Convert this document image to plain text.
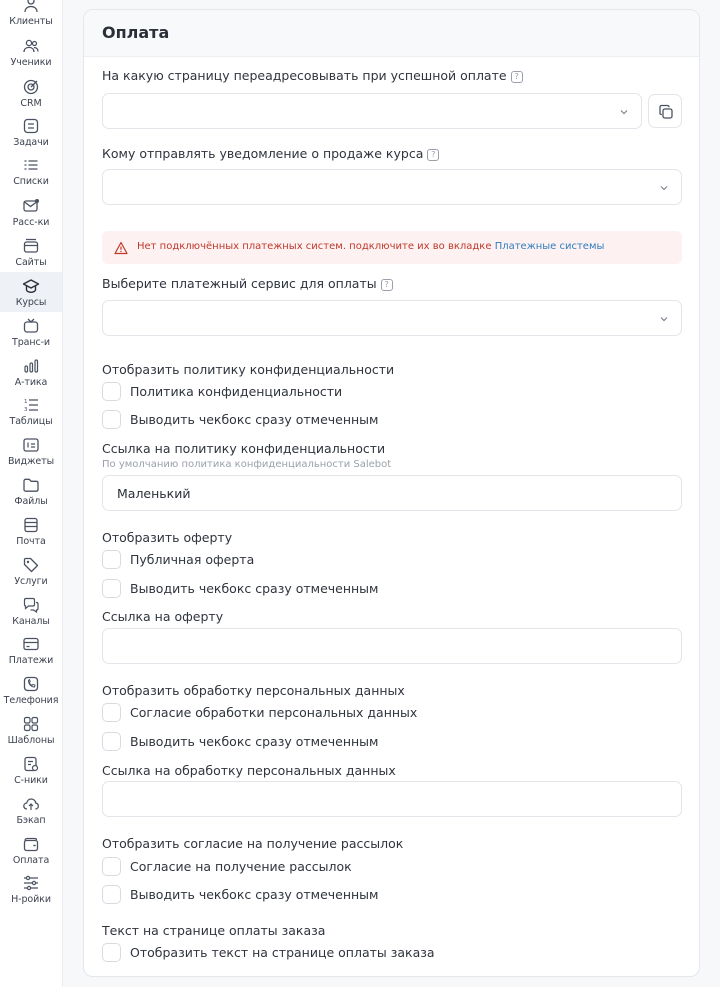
Клиенты
Ученики
CRM
Задачи
Списки
Расс-ки
Сайты
Курсы
Транс-и
А-тика
1
3
Таблицы
Виджеты
Файлы
Почта
Услуги
Каналы
Платежи
Телефония
Шаблоны
С-ники
Бэкап
Оплата
Н-ройки
Оплата
На какую страницу переадресовывать при успешной оплате ?
Кому отправлять уведомление о продаже курса ?
Нет подключённых платежных систем. подключите их во вкладке Платежные системы
Выберите платежный сервис для оплаты ?
Отобразить политику конфиденциальности
Политика конфиденциальности
Выводить чекбокс сразу отмеченным
Ссылка на политику конфиденциальности
По умолчанию политика конфиденциальности Salebot
Маленький
Отобразить оферту
Публичная оферта
Выводить чекбокс сразу отмеченным
Ссылка на оферту
Отобразить обработку персональных данных
Согласие обработки персональных данных
Выводить чекбокс сразу отмеченным
Ссылка на обработку персональных данных
Отобразить согласие на получение рассылок
Согласие на получение рассылок
Выводить чекбокс сразу отмеченным
Текст на странице оплаты заказа
Отобразить текст на странице оплаты заказа
